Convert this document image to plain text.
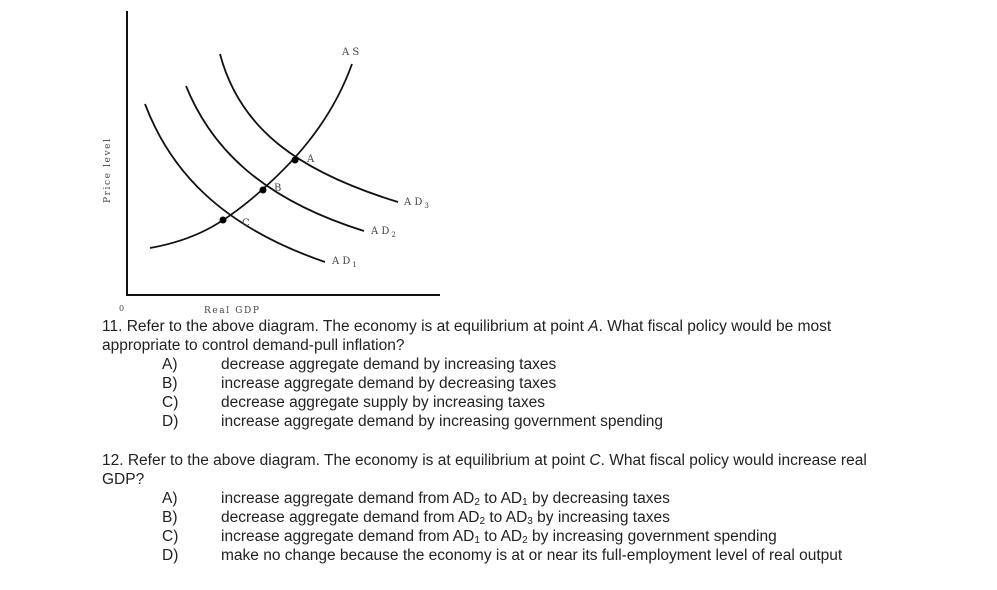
A S
A D $_1$
A D $_2$
A D $_3$
A
B
C
Price level
Real GDP
0

11. Refer to the above diagram. The economy is at equilibrium at point A. What fiscal policy would be most appropriate to control demand-pull inflation?

A)	decrease aggregate demand by increasing taxes
B)	increase aggregate demand by decreasing taxes
C)	decrease aggregate supply by increasing taxes
D)	increase aggregate demand by increasing government spending

12. Refer to the above diagram. The economy is at equilibrium at point C. What fiscal policy would increase real GDP?

A)	increase aggregate demand from $AD_2$ to $AD_1$ by decreasing taxes
B)	decrease aggregate demand from $AD_2$ to $AD_3$ by increasing taxes
C)	increase aggregate demand from $AD_1$ to $AD_2$ by increasing government spending
D)	make no change because the economy is at or near its full-employment level of real output
